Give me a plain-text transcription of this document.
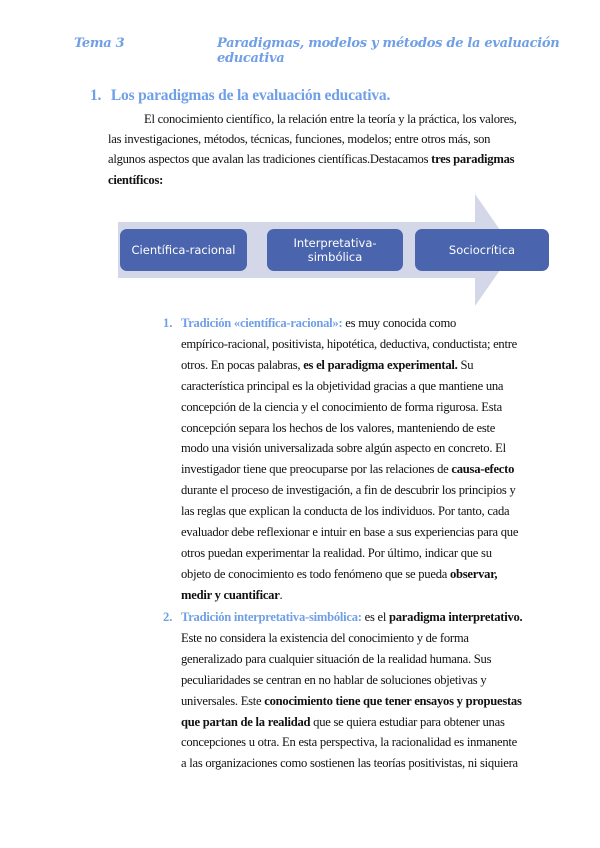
Tema 3	Paradigmas, modelos y métodos de la evaluación educativa
1. Los paradigmas de la evaluación educativa.
El conocimiento científico, la relación entre la teoría y la práctica, los valores,
las investigaciones, métodos, técnicas, funciones, modelos; entre otros más, son
algunos aspectos que avalan las tradiciones científicas.Destacamos tres paradigmas
científicos:
Científica-racional	Interpretativa-simbólica	Sociocrítica
1. Tradición «científica-racional»: es muy conocida como
empírico-racional, positivista, hipotética, deductiva, conductista; entre
otros. En pocas palabras, es el paradigma experimental. Su
característica principal es la objetividad gracias a que mantiene una
concepción de la ciencia y el conocimiento de forma rigurosa. Esta
concepción separa los hechos de los valores, manteniendo de este
modo una visión universalizada sobre algún aspecto en concreto. El
investigador tiene que preocuparse por las relaciones de causa-efecto
durante el proceso de investigación, a fin de descubrir los principios y
las reglas que explican la conducta de los individuos. Por tanto, cada
evaluador debe reflexionar e intuir en base a sus experiencias para que
otros puedan experimentar la realidad. Por último, indicar que su
objeto de conocimiento es todo fenómeno que se pueda observar,
medir y cuantificar.
2. Tradición interpretativa-simbólica: es el paradigma interpretativo.
Este no considera la existencia del conocimiento y de forma
generalizado para cualquier situación de la realidad humana. Sus
peculiaridades se centran en no hablar de soluciones objetivas y
universales. Este conocimiento tiene que tener ensayos y propuestas
que partan de la realidad que se quiera estudiar para obtener unas
concepciones u otra. En esta perspectiva, la racionalidad es inmanente
a las organizaciones como sostienen las teorías positivistas, ni siquiera
